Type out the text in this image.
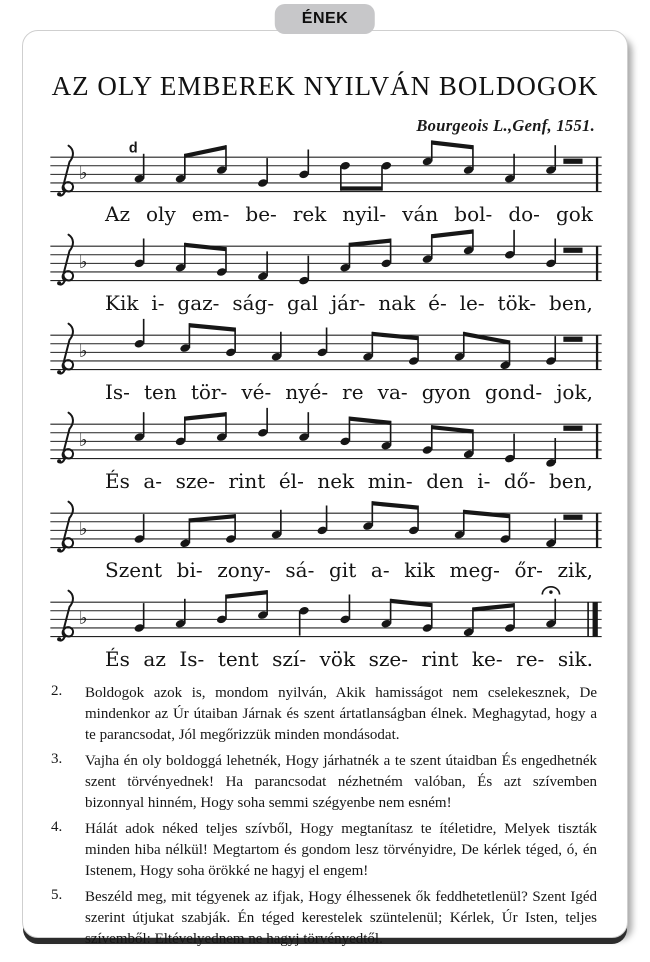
ÉNEK
AZ OLY EMBEREK NYILVÁN BOLDOGOK
Bourgeois L.,Genf, 1551.
♭
d
Az oly em- be- rek nyil- ván bol- do- gok
♭
Kik i- gaz- ság- gal jár- nak é- le- tök- ben,
♭
Is- ten tör- vé- nyé- re va- gyon gond- jok,
♭
És a- sze- rint él- nek min- den i- dő- ben,
♭
Szent bi- zony- sá- git a- kik meg- őr- zik,
♭
És az Is- tent szí- vök sze- rint ke- re- sik.
2.	Boldogok azok is, mondom nyilván, Akik hamisságot nem cselekesznek, De mindenkor az Úr útaiban Járnak és szent ártatlanságban élnek. Meghagytad, hogy a te parancsodat, Jól megőrizzük minden mondásodat.
3.	Vajha én oly boldoggá lehetnék, Hogy járhatnék a te szent útaidban És engedhetnék szent törvényednek! Ha parancsodat nézhetném valóban, És azt szívemben bizonnyal hinném, Hogy soha semmi szégyenbe nem esném!
4.	Hálát adok néked teljes szívből, Hogy megtanítasz te ítéletidre, Melyek tiszták minden hiba nélkül! Megtartom és gondom lesz törvényidre, De kérlek téged, ó, én Istenem, Hogy soha örökké ne hagyj el engem!
5.	Beszéld meg, mit tégyenek az ifjak, Hogy élhessenek ők feddhetetlenül? Szent Igéd szerint útjukat szabják. Én téged kerestelek szüntelenül; Kérlek, Úr Isten, teljes szívemből: Eltévelyednem ne hagyj törvényedtől.
